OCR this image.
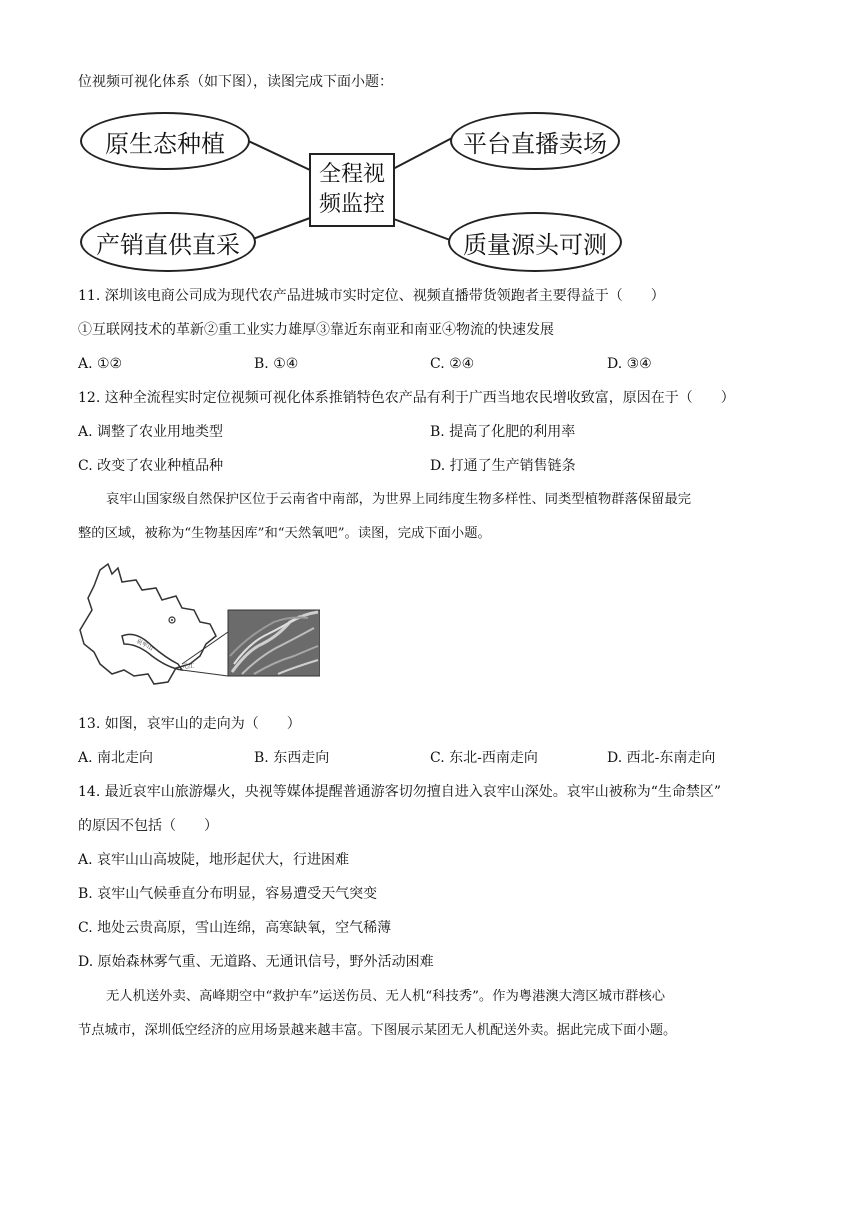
位视频可视化体系（如下图），读图完成下面小题：
原生态种植	平台直播卖场
产销直供直采	质量源头可测
全程视
频监控
11. 深圳该电商公司成为现代农产品进城市实时定位、视频直播带货领跑者主要得益于（　　）
①互联网技术的革新②重工业实力雄厚③靠近东南亚和南亚④物流的快速发展
A. ①②	B. ①④	C. ②④	D. ③④
12. 这种全流程实时定位视频可视化体系推销特色农产品有利于广西当地农民增收致富，原因在于（　　）
A. 调整了农业用地类型	B. 提高了化肥的利用率
C. 改变了农业种植品种	D. 打通了生产销售链条
哀牢山国家级自然保护区位于云南省中南部，为世界上同纬度生物多样性、同类型植物群落保留最完
整的区域，被称为“生物基因库”和“天然氧吧”。读图，完成下面小题。
哀牢山
元江
13. 如图，哀牢山的走向为（　　）
A. 南北走向	B. 东西走向	C. 东北-西南走向	D. 西北-东南走向
14. 最近哀牢山旅游爆火，央视等媒体提醒普通游客切勿擅自进入哀牢山深处。哀牢山被称为“生命禁区”
的原因不包括（　　）
A. 哀牢山山高坡陡，地形起伏大，行进困难
B. 哀牢山气候垂直分布明显，容易遭受天气突变
C. 地处云贵高原，雪山连绵，高寒缺氧，空气稀薄
D. 原始森林雾气重、无道路、无通讯信号，野外活动困难
无人机送外卖、高峰期空中“救护车”运送伤员、无人机“科技秀”。作为粤港澳大湾区城市群核心
节点城市，深圳低空经济的应用场景越来越丰富。下图展示某团无人机配送外卖。据此完成下面小题。
